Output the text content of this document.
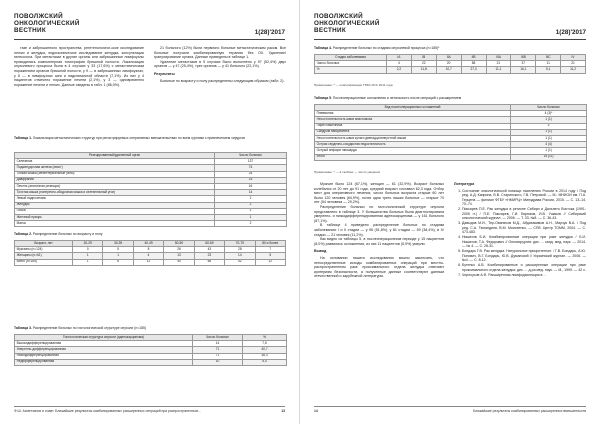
ПОВОЛЖСКИЙ
ОНКОЛОГИЧЕСКИЙ
ВЕСТНИК	1(28)'2017

тазе и забрюшинного пространства, рентгенологиче-ское исследование легких и желудка, эндоскопическое исследование желудка, консультация гинеколога. При метастазах в другие органы или забрюшинные лимфоузлы проводилась компьютерная томография брюшной полости. Локализация опухолевого процесса была в 4 случаях у 33 (17,6%) с метастатическим поражением органов брюшной полости, у 9 — в забрюшинных лимфоузлах, у 6 — в лимфоузлах шеи и надключичной области (7,1%). Из них у 4 пациентов отмечено поражение печени (2,1%), у 3 — одновременно поражение печени и легких. Данные сведены в табл. 1 (86,0%).

21 больного (12%) были первично больные метастатическим раком. Все больные получали комбинированную терапию без ОХ. Удаление/гранулирование органа. Данные приведены в таблице 1.

Удаление метастазов в 5 случаях было выполнено у 97 (52,4%) двух органов — у 47 (25,4%), трех органов — у 41 больного (22,1%).

Результаты

Больные по возрасту и полу распределены следующим образом (табл. 2).

Таблица 1. Локализация метастатических структур при регистрируемых оперативных вмешательствах по всем группам с привлечением хирургов
Резецированный/удаленный орган	Число больных
Селезенка	137
Поджелудочная железа (хвост)	74
Тонкая кишка (мезентериальные узлы)	24
Диафрагма	23
Печень (атипичная резекция)	16
Толстая кишка (поперечно-ободочная кишка и селезеночный угол)	14
Левый надпочечник	2
Желудок	2
Почка	1
Желчный пузырь	1
Матка	2
Таблица 2. Распределение больных по возрасту и полу
Возраст, лет	20-29	30-39	40-49	50-59	60-69	70-79	80 и более
Мужчины (n=124)	0	5	8	26	43	28	7
Женщины (n=61)	1	1	4	13	23	14	5
Всего (n=185)	1	6	12	40	66	42	12
Таблица 3. Распределение больных по гистологической структуре опухоли (n=185)
Гистологическая структура опухоли (аденокарцинома)	Число больных	%
Высокодифференцированная	14	7,6
Умеренно-дифференцированная	71	40,7
Низкодифференцированная	71	38,3
Недифференцированная	10	5,4
Ф.Ш. Ахметзянов и соавт. Ближайшие результаты комбинированных расширенных операций при распространенном…	13
ПОВОЛЖСКИЙ
ОНКОЛОГИЧЕСКИЙ
ВЕСТНИК	1(28)'2017
Таблица 4. Распределение больных по стадиям опухолевой процесса (n=185)*
Стадия заболевания	IA	IB	IIA	IIB	IIIA	IIIB	IIIC	IV
Число больных	4	22	20	58	21	37	11	21
%	2,2	11,8	10,7	27,3	11,1	16,1	5,1	11,2
Примечание: * — классификация TNM UICC 2011 года
Таблица 5. Послеоперационные осложнения и летальность после операций с расширением
Вид послеоперационных осложнений	Число больных
Пневмония	4 (3)*
Несостоятельность швов анастомоза	1 (1)
Парез кишечника	3
Синдром панкреатита	1 (1)
Несостоятельность швов культи двенадцатиперстной кишки	1 (1)
Острая сердечно-сосудистая недостаточность	4 (4)
Острый инфаркт миокарда	1 (1)
Итого	15 (11)
Примечание: * — в скобках — число умерших

Мужчин было 124 (67,1%), женщин — 61 (32,9%). Возраст больных колебался от 20 лет до 91 года, средний возраст составил 62,3 года. Отбор мест для оперативного лечения, число больных возраста старше 60 лет было 120 человек (64,9%), почти одна треть наших больных — старше 70 лет (54 человека — 29,2%).

Распределение больных по гистологической структуре опухоли представлено в таблице 3. У большинства больных была диагностирована умеренно- и низкодифференцированная аденокарцинома — у 161 больного (87,1%).

В таблице 4 приведено распределение больных по стадиям заболевания: I и II стадии — у 96 (51,8%), у 81 стадии — 59 (38,4%), в IV стадии — 21 человек (11,2%).

Как видно из таблицы 5, в послеоперационном периоде у 15 пациентов (8,0%) развились осложнения, из них 11 пациентов (5,9%) умерли.

Вывод

На основании нашего исследования можно заключить, что непосредственные исходы комбинированных операций при местно-распространенном раке проксимального отдела желудка отвечают критериям безопасности, а полученные данные соответствуют данным отечественной и зарубежной литературы.

Литература
1. Состояние онкологической помощи населению России в 2014 году / Под ред. А.Д. Каприна, В.В. Старинского, Г.В. Петровой. — М.: МНИОИ им. П.А. Герцена — филиал ФГБУ «НМИРЦ» Минздрава России, 2015. — С. 13–14, 70–74.
2. Пиксарев П.Е. Рак желудка в регионе Сибири и Дальнего Востока (1991-2005 гг.) / П.Е. Пиксарев, Г.И. Бирюков, И.В. Ушаков // Сибирский онкологический журнал. — 2006. — Т. 33, №8. — С. 36-43.
3. Давыдов М.И., Тер-Ованесов М.Д., Абдихакимов А.Н., Марчук В.А. / Под ред. С.А. Тюляндина, В.М. Моисеенко. — СПб: Центр ТОММ, 2004. — С. 473-483.
4. Нишихов Б.И. Комбинированные операции при раке желудка / Б.И. Нишихов, Т.А. Федорович // Онкохирургия: дис. ... канд. мед. наук. — 2014. — № 4. — C. 28-31.
5. Бондарь Г.В. Рак желудка. Натуральное приоритетное. / Г.В. Бондарь, А.Ю. Попович, В.Г. Бондарь, Ю.В. Думанский // Украинский журнал. — 2006. — №4. — С. 8-12.
6. Бутенко А.В. Комбинированные и расширенные операции при раке проксимального отдела желудка: дис. ... д-ра мед. наук. — М., 1999. — 42 с.
7. Черноусов А.Ф. Расширенная лимфодиссекция в…
14	Ближайшие результаты комбинированных расширенных вмешательств
